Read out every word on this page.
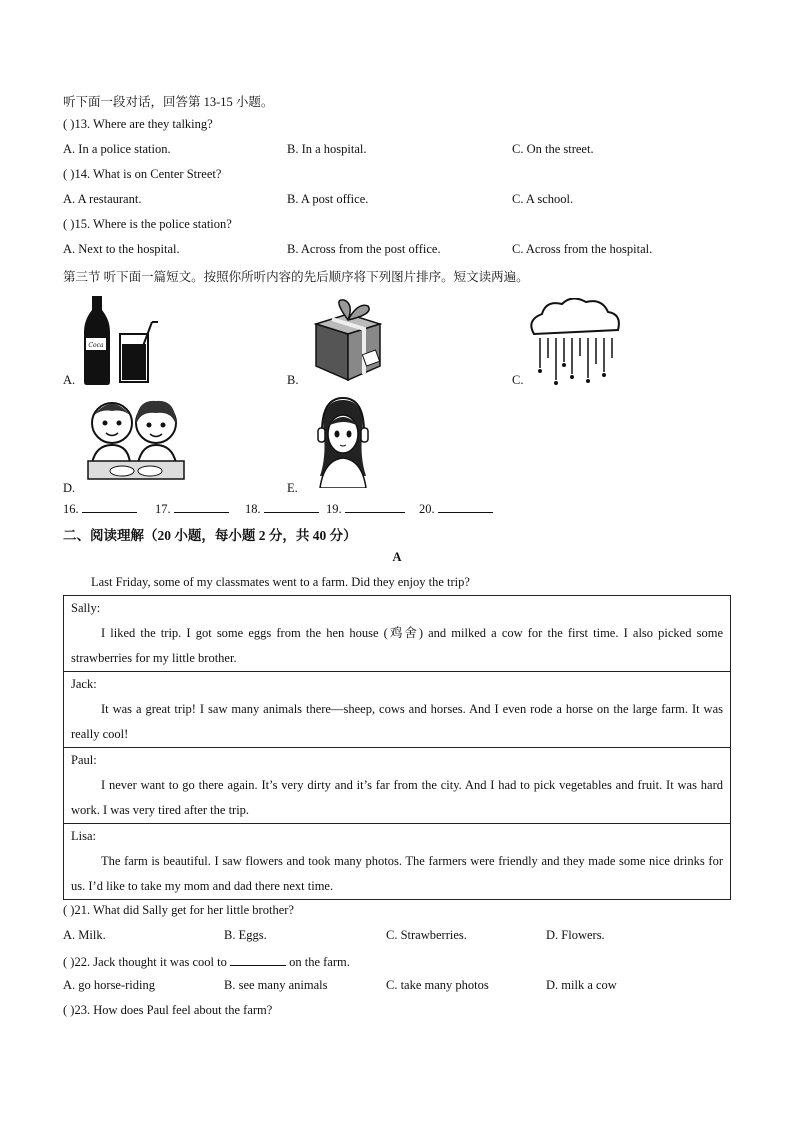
听下面一段对话，回答第 13-15 小题。
( )13. Where are they talking?
A. In a police station.	B. In a hospital.	C. On the street.
( )14. What is on Center Street?
A. A restaurant.	B. A post office.	C. A school.
( )15. Where is the police station?
A. Next to the hospital.	B. Across from the post office.	C. Across from the hospital.
第三节 听下面一篇短文。按照你所听内容的先后顺序将下列图片排序。短文读两遍。
A.
Coca
B.	C.
D.	E.
16.	17.	18.	19.	20.
二、阅读理解（20 小题，每小题 2 分，共 40 分）
A
Last Friday, some of my classmates went to a farm. Did they enjoy the trip?
Sally:
I liked the trip. I got some eggs from the hen house (鸡舍) and milked a cow for the first time. I also picked some strawberries for my little brother.
Jack:
It was a great trip! I saw many animals there—sheep, cows and horses. And I even rode a horse on the large farm. It was really cool!
Paul:
I never want to go there again. It’s very dirty and it’s far from the city. And I had to pick vegetables and fruit. It was hard work. I was very tired after the trip.
Lisa:
The farm is beautiful. I saw flowers and took many photos. The farmers were friendly and they made some nice drinks for us. I’d like to take my mom and dad there next time.
( )21. What did Sally get for her little brother?
A. Milk.	B. Eggs.	C. Strawberries.	D. Flowers.
( )22. Jack thought it was cool to	on the farm.
A. go horse-riding	B. see many animals	C. take many photos	D. milk a cow
( )23. How does Paul feel about the farm?
